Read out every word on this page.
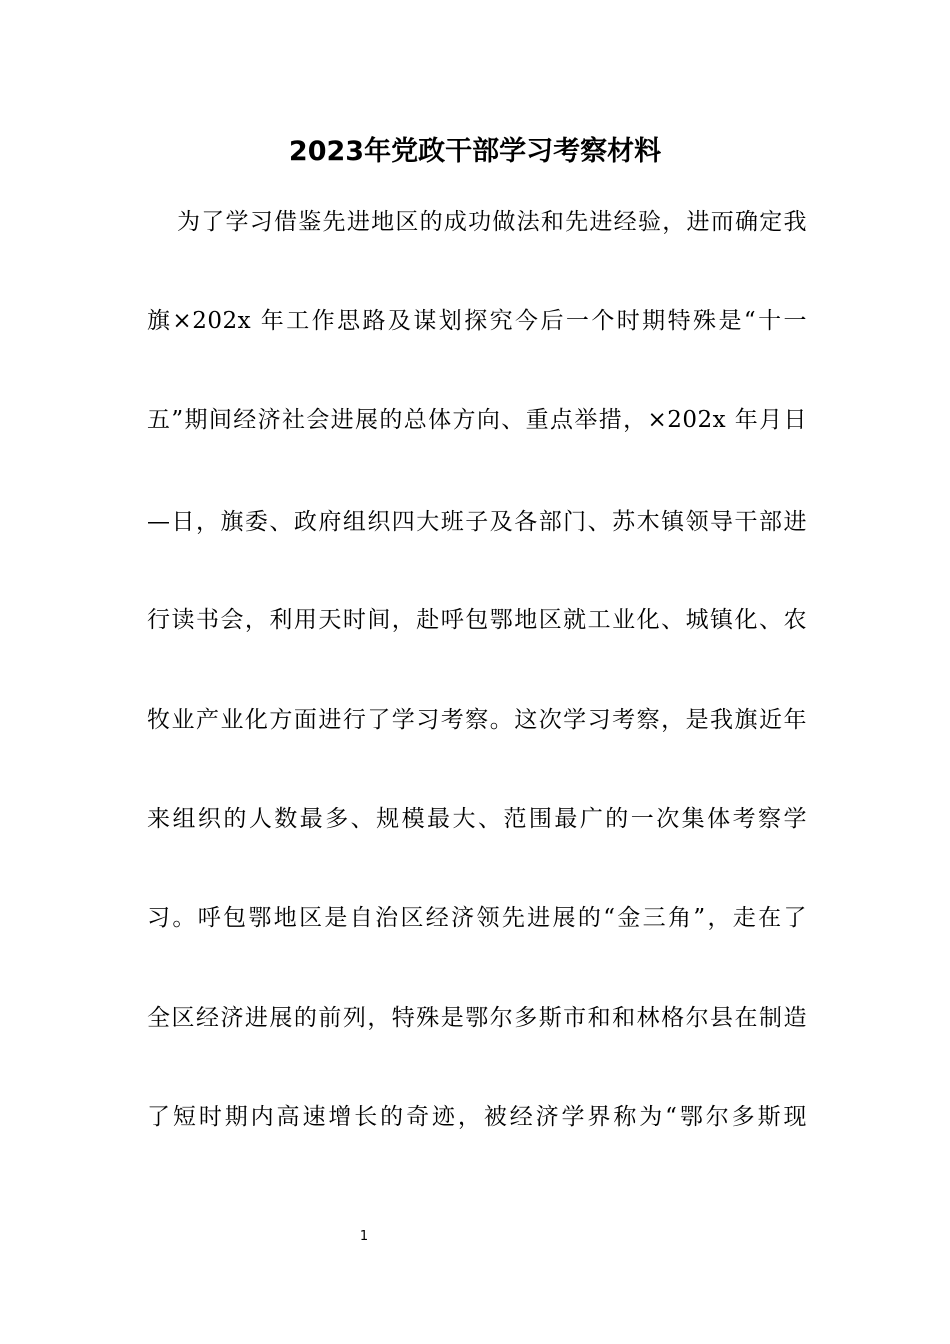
2023年党政干部学习考察材料
为了学习借鉴先进地区的成功做法和先进经验，进而确定我
旗×202x 年工作思路及谋划探究今后一个时期特殊是“十一
五”期间经济社会进展的总体方向、重点举措，×202x 年月日
—日，旗委、政府组织四大班子及各部门、苏木镇领导干部进
行读书会，利用天时间，赴呼包鄂地区就工业化、城镇化、农
牧业产业化方面进行了学习考察。这次学习考察，是我旗近年
来组织的人数最多、规模最大、范围最广的一次集体考察学
习。呼包鄂地区是自治区经济领先进展的“金三角”，走在了
全区经济进展的前列，特殊是鄂尔多斯市和和林格尔县在制造
了短时期内高速增长的奇迹，被经济学界称为“鄂尔多斯现
1
